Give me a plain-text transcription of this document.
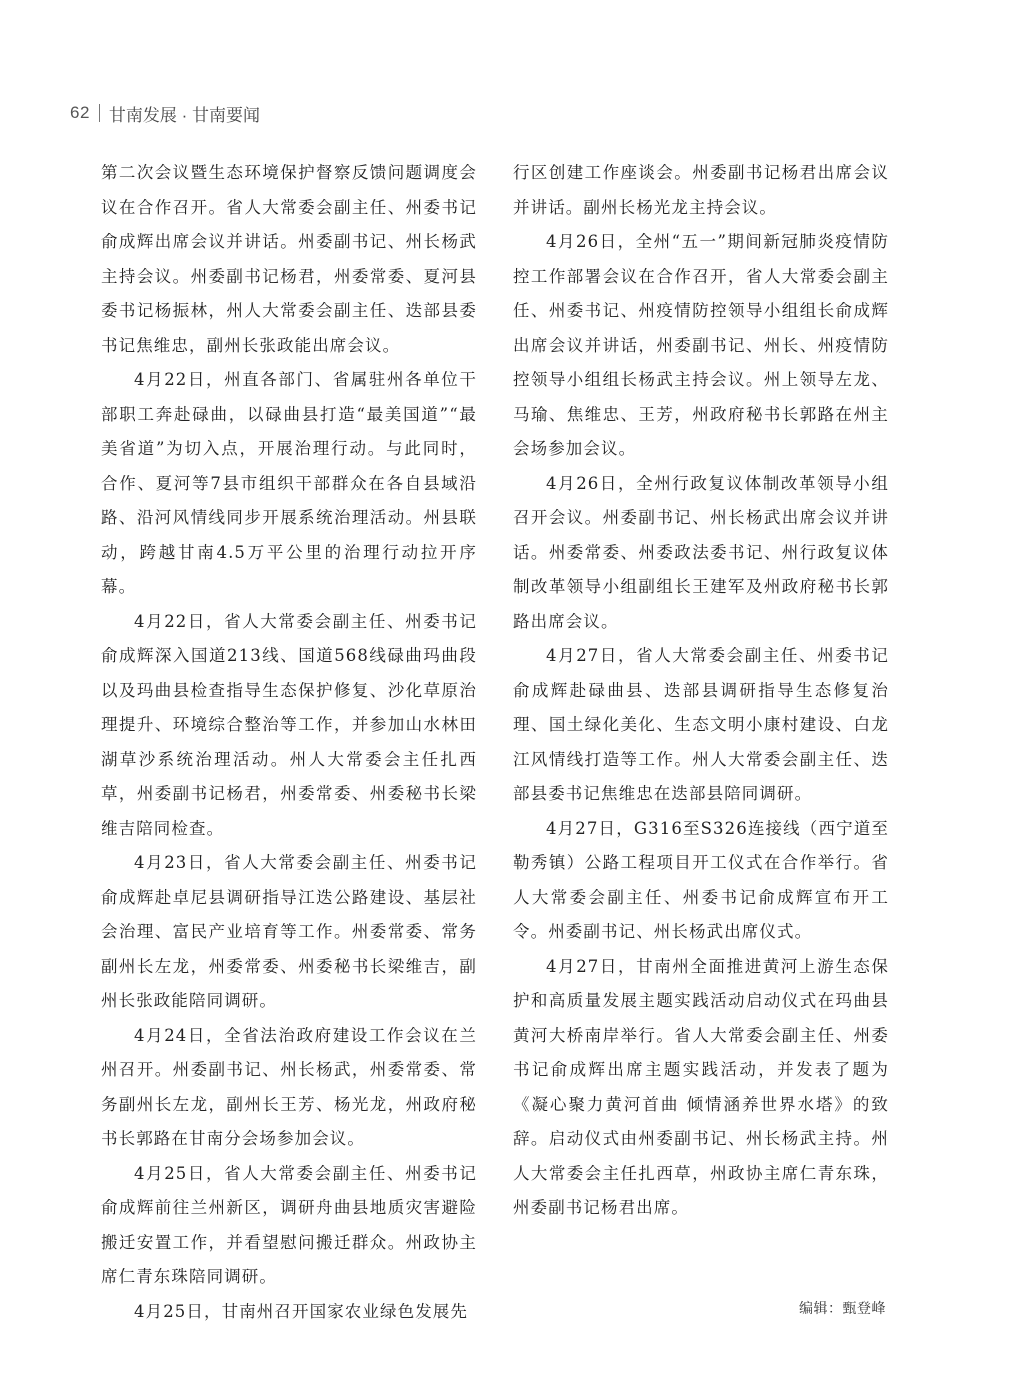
62 甘南发展 · 甘南要闻

第二次会议暨生态环境保护督察反馈问题调度会议在合作召开。省人大常委会副主任、州委书记俞成辉出席会议并讲话。州委副书记、州长杨武主持会议。州委副书记杨君，州委常委、夏河县委书记杨振林，州人大常委会副主任、迭部县委书记焦维忠，副州长张政能出席会议。

4月22日，州直各部门、省属驻州各单位干部职工奔赴碌曲，以碌曲县打造“最美国道”“最美省道”为切入点，开展治理行动。与此同时，合作、夏河等7县市组织干部群众在各自县域沿路、沿河风情线同步开展系统治理活动。州县联动，跨越甘南4.5万平公里的治理行动拉开序幕。

4月22日，省人大常委会副主任、州委书记俞成辉深入国道213线、国道568线碌曲玛曲段以及玛曲县检查指导生态保护修复、沙化草原治理提升、环境综合整治等工作，并参加山水林田湖草沙系统治理活动。州人大常委会主任扎西草，州委副书记杨君，州委常委、州委秘书长梁维吉陪同检查。

4月23日，省人大常委会副主任、州委书记俞成辉赴卓尼县调研指导江迭公路建设、基层社会治理、富民产业培育等工作。州委常委、常务副州长左龙，州委常委、州委秘书长梁维吉，副州长张政能陪同调研。

4月24日，全省法治政府建设工作会议在兰州召开。州委副书记、州长杨武，州委常委、常务副州长左龙，副州长王芳、杨光龙，州政府秘书长郭路在甘南分会场参加会议。

4月25日，省人大常委会副主任、州委书记俞成辉前往兰州新区，调研舟曲县地质灾害避险搬迁安置工作，并看望慰问搬迁群众。州政协主席仁青东珠陪同调研。

4月25日，甘南州召开国家农业绿色发展先

行区创建工作座谈会。州委副书记杨君出席会议并讲话。副州长杨光龙主持会议。

4月26日，全州“五一”期间新冠肺炎疫情防控工作部署会议在合作召开，省人大常委会副主任、州委书记、州疫情防控领导小组组长俞成辉出席会议并讲话，州委副书记、州长、州疫情防控领导小组组长杨武主持会议。州上领导左龙、马瑜、焦维忠、王芳，州政府秘书长郭路在州主会场参加会议。

4月26日，全州行政复议体制改革领导小组召开会议。州委副书记、州长杨武出席会议并讲话。州委常委、州委政法委书记、州行政复议体制改革领导小组副组长王建军及州政府秘书长郭路出席会议。

4月27日，省人大常委会副主任、州委书记俞成辉赴碌曲县、迭部县调研指导生态修复治理、国土绿化美化、生态文明小康村建设、白龙江风情线打造等工作。州人大常委会副主任、迭部县委书记焦维忠在迭部县陪同调研。

4月27日，G316至S326连接线（西宁道至勒秀镇）公路工程项目开工仪式在合作举行。省人大常委会副主任、州委书记俞成辉宣布开工令。州委副书记、州长杨武出席仪式。

4月27日，甘南州全面推进黄河上游生态保护和高质量发展主题实践活动启动仪式在玛曲县黄河大桥南岸举行。省人大常委会副主任、州委书记俞成辉出席主题实践活动，并发表了题为《凝心聚力黄河首曲 倾情涵养世界水塔》的致辞。启动仪式由州委副书记、州长杨武主持。州人大常委会主任扎西草，州政协主席仁青东珠，州委副书记杨君出席。

编辑：甄登峰
